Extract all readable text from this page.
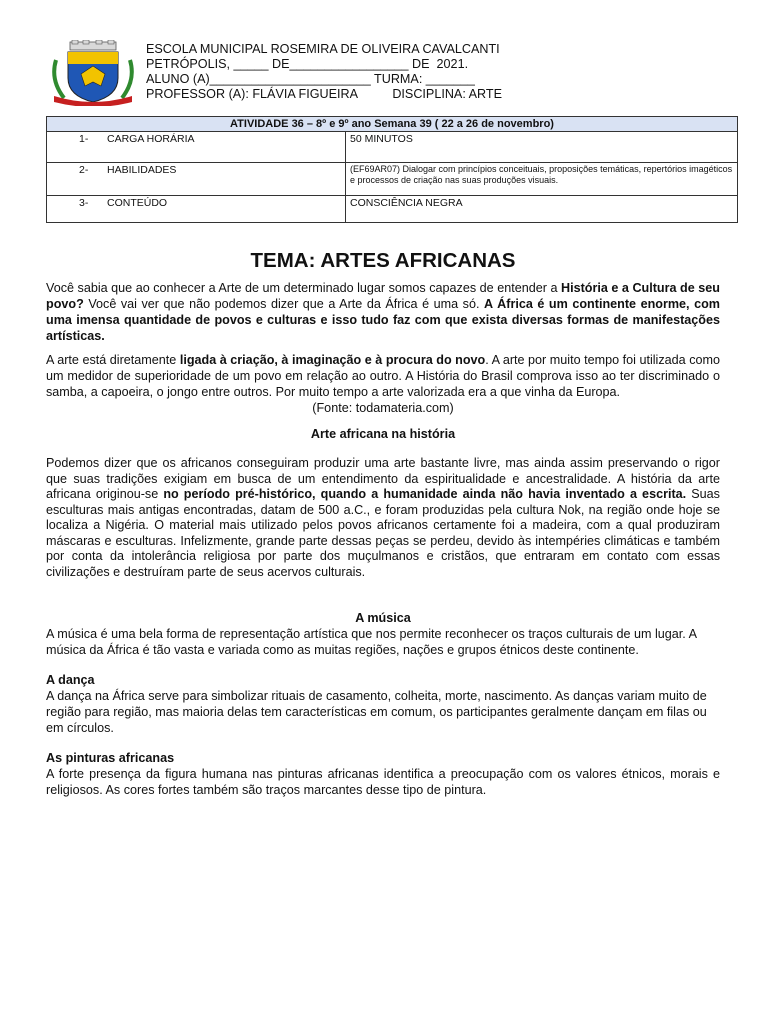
ESCOLA MUNICIPAL ROSEMIRA DE OLIVEIRA CAVALCANTI
PETRÓPOLIS, _____ DE_________________ DE  2021.
ALUNO (A)_______________________ TURMA: _______
PROFESSOR (A): FLÁVIA FIGUEIRA          DISCIPLINA: ARTE
ATIVIDADE 36 – 8º e 9º ano Semana 39 ( 22 a 26 de novembro)	
1- CARGA HORÁRIA	50 MINUTOS
2- HABILIDADES	(EF69AR07) Dialogar com princípios conceituais, proposições temáticas, repertórios imagéticos e processos de criação nas suas produções visuais.
3- CONTEÚDO	CONSCIÊNCIA NEGRA
TEMA: ARTES AFRICANAS

Você sabia que ao conhecer a Arte de um determinado lugar somos capazes de entender a História e a Cultura de seu povo? Você vai ver que não podemos dizer que a Arte da África é uma só. A África é um continente enorme, com uma imensa quantidade de povos e culturas e isso tudo faz com que exista diversas formas de manifestações artísticas.

A arte está diretamente ligada à criação, à imaginação e à procura do novo. A arte por muito tempo foi utilizada como um medidor de superioridade de um povo em relação ao outro. A História do Brasil comprova isso ao ter discriminado o samba, a capoeira, o jongo entre outros. Por muito tempo a arte valorizada era a que vinha da Europa.

(Fonte: todamateria.com)

Arte africana na história

Podemos dizer que os africanos conseguiram produzir uma arte bastante livre, mas ainda assim preservando o rigor que suas tradições exigiam em busca de um entendimento da espiritualidade e ancestralidade. A história da arte africana originou-se no período pré-histórico, quando a humanidade ainda não havia inventado a escrita. Suas esculturas mais antigas encontradas, datam de 500 a.C., e foram produzidas pela cultura Nok, na região onde hoje se localiza a Nigéria. O material mais utilizado pelos povos africanos certamente foi a madeira, com a qual produziram máscaras e esculturas. Infelizmente, grande parte dessas peças se perdeu, devido às intempéries climáticas e também por conta da intolerância religiosa por parte dos muçulmanos e cristãos, que entraram em contato com essas civilizações e destruíram parte de seus acervos culturais.

A música

A música é uma bela forma de representação artística que nos permite reconhecer os traços culturais de um lugar. A música da África é tão vasta e variada como as muitas regiões, nações e grupos étnicos deste continente.

A dança

A dança na África serve para simbolizar rituais de casamento, colheita, morte, nascimento. As danças variam muito de região para região, mas maioria delas tem características em comum, os participantes geralmente dançam em filas ou em círculos.

As pinturas africanas

A forte presença da figura humana nas pinturas africanas identifica a preocupação com os valores étnicos, morais e religiosos. As cores fortes também são traços marcantes desse tipo de pintura.
